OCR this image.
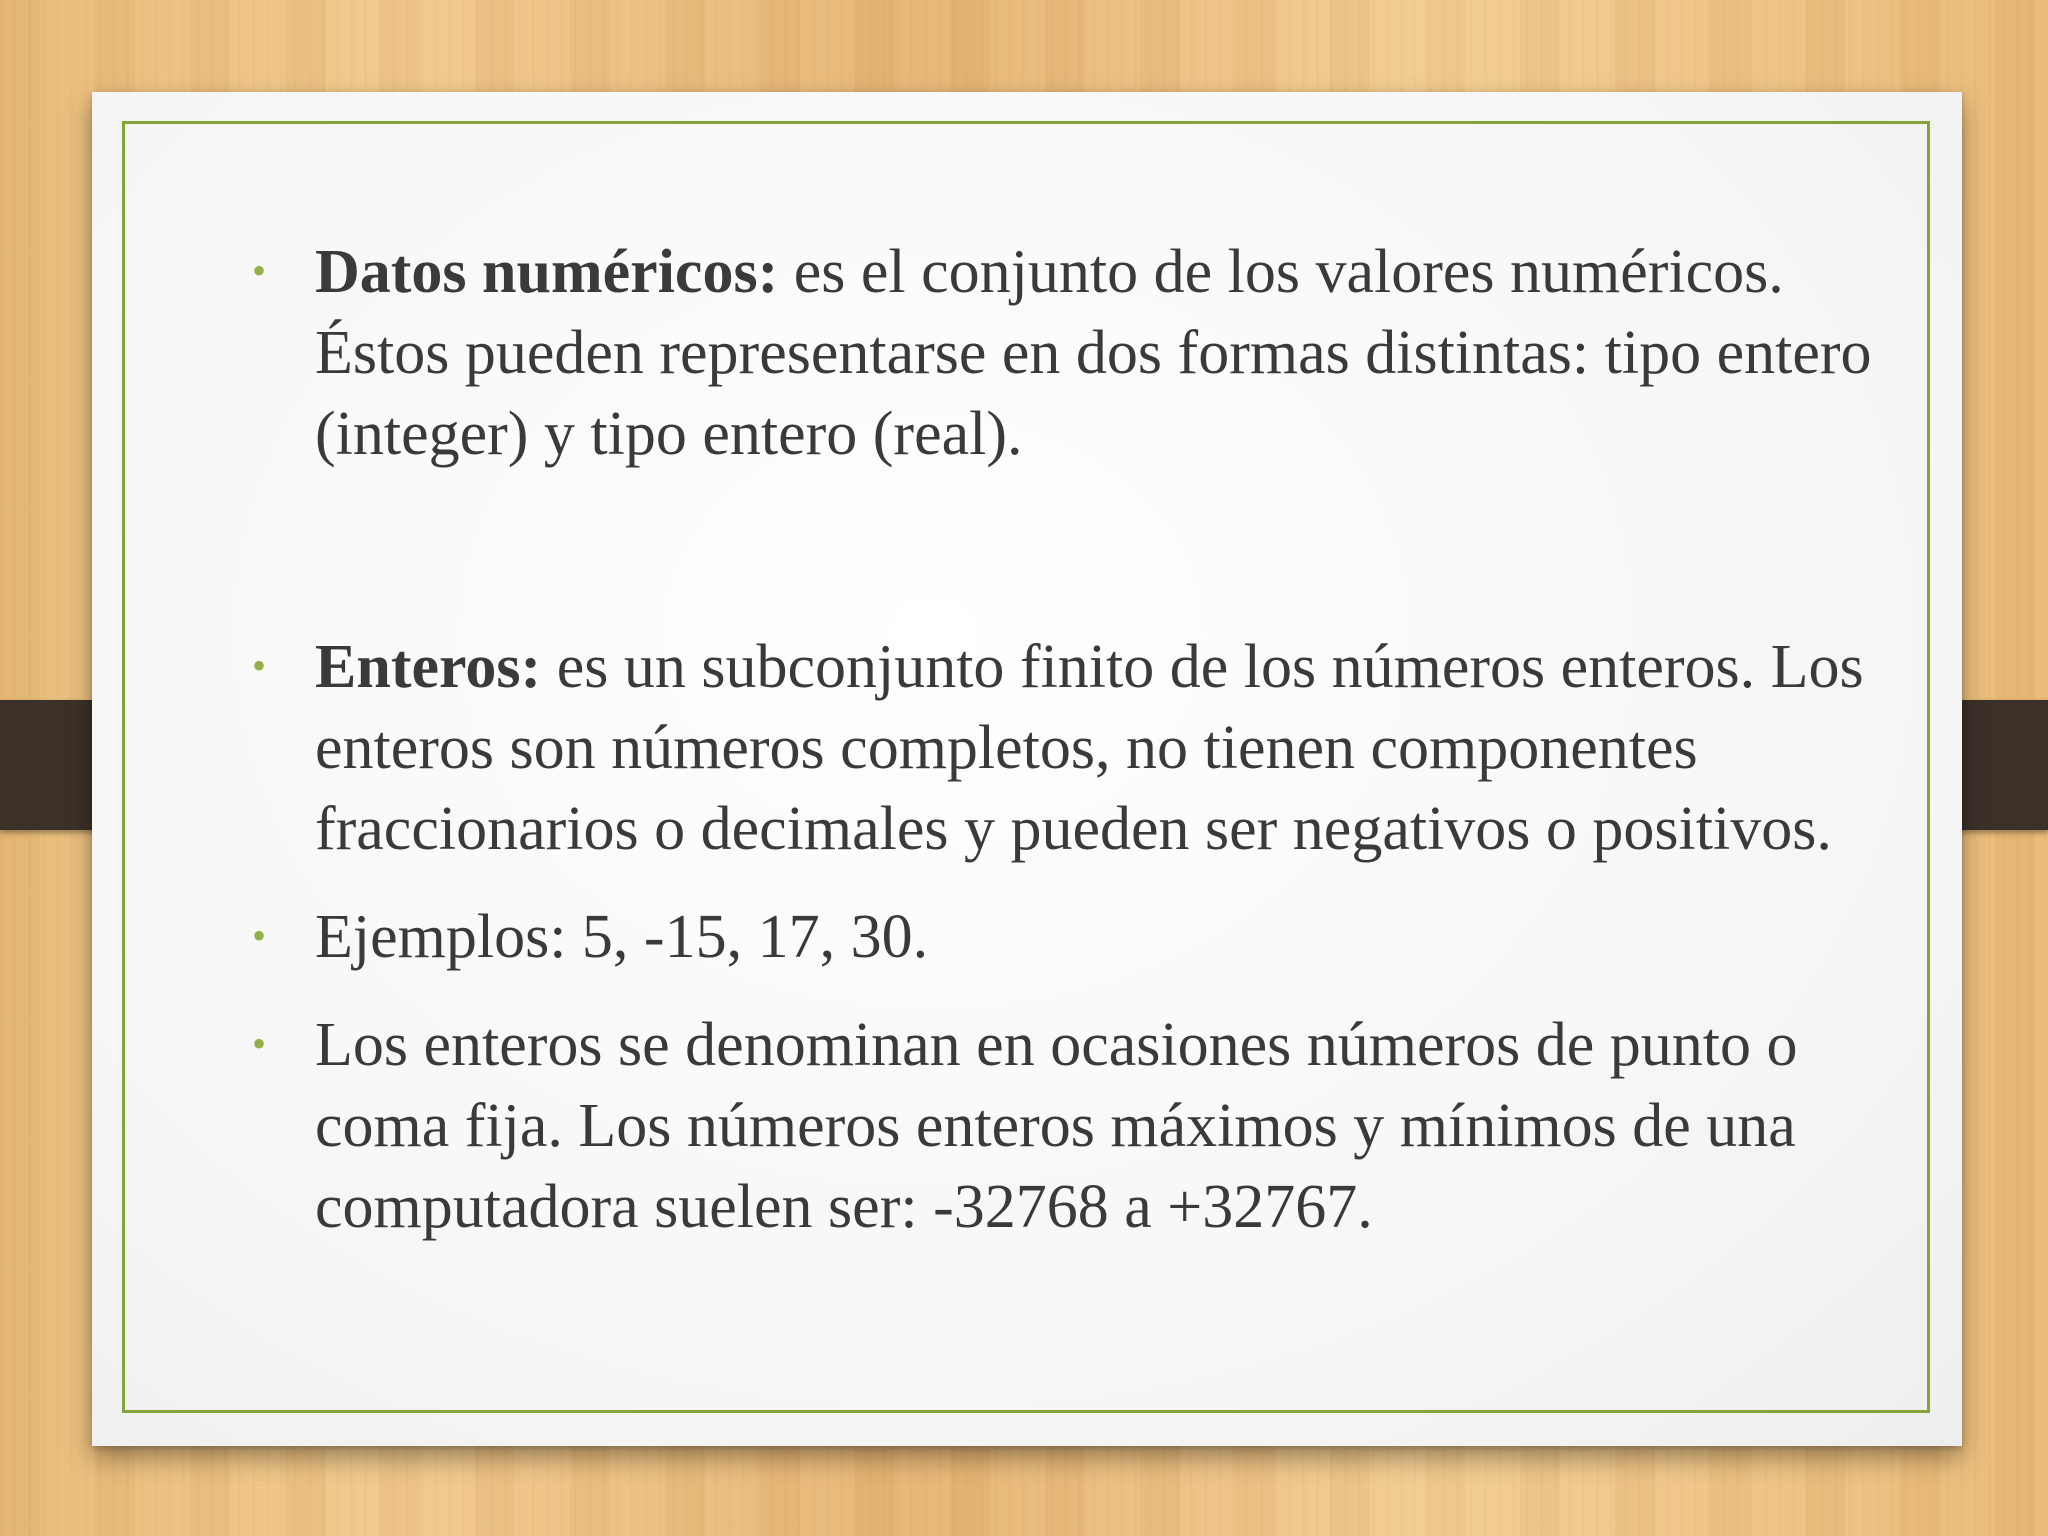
• Datos numéricos: es el conjunto de los valores numéricos. Éstos pueden representarse en dos formas distintas: tipo entero (integer) y tipo entero (real).
• Enteros: es un subconjunto finito de los números enteros. Los enteros son números completos, no tienen componentes fraccionarios o decimales y pueden ser negativos o positivos.
• Ejemplos: 5, -15, 17, 30.
• Los enteros se denominan en ocasiones números de punto o coma fija. Los números enteros máximos y mínimos de una computadora suelen ser: -32768 a +32767.
